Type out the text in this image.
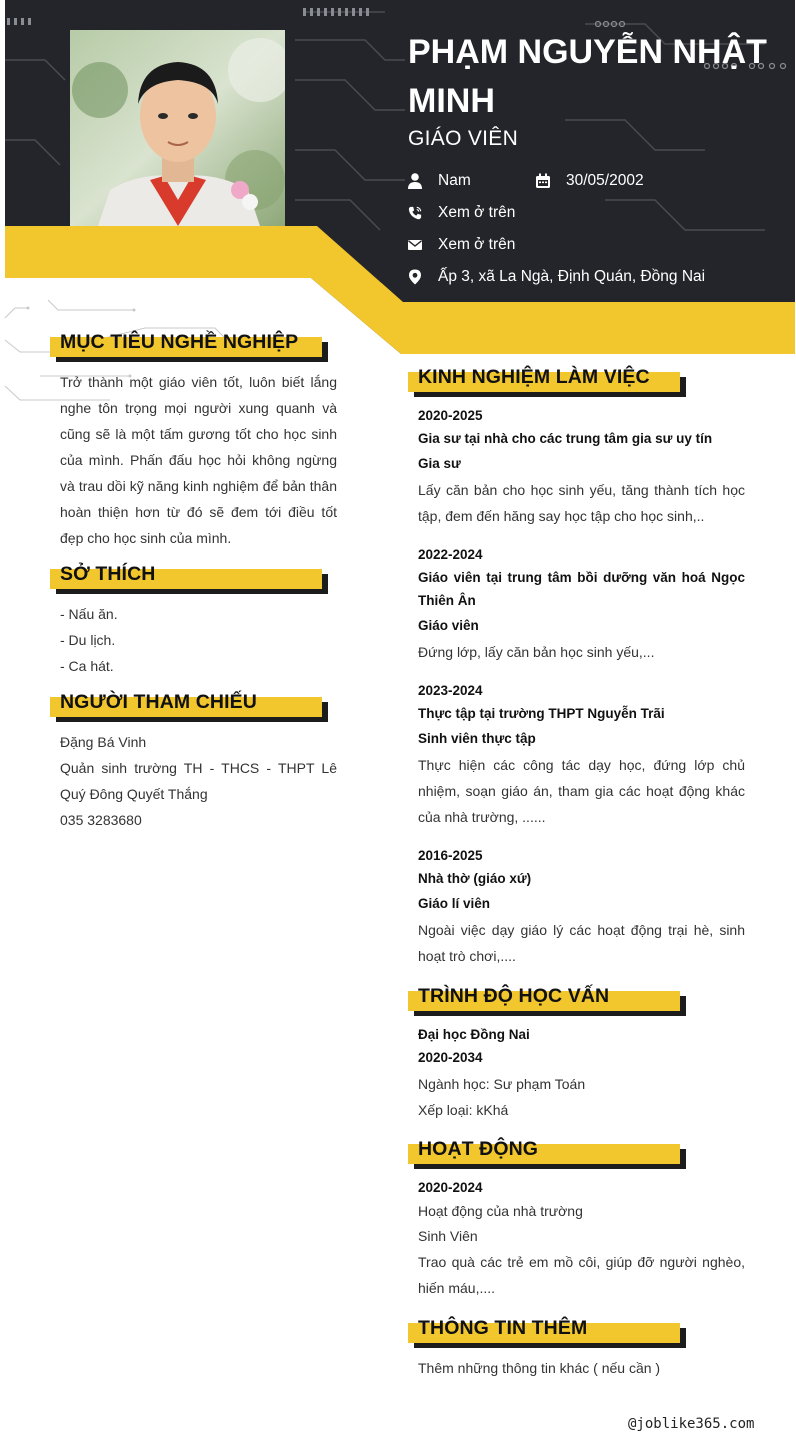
PHẠM NGUYỄN NHẬT MINH
GIÁO VIÊN
Nam	30/05/2002
Xem ở trên
Xem ở trên
Ấp 3, xã La Ngà, Định Quán, Đồng Nai
MỤC TIÊU NGHỀ NGHIỆP
Trở thành một giáo viên tốt, luôn biết lắng nghe tôn trọng mọi người xung quanh và cũng sẽ là một tấm gương tốt cho học sinh của mình. Phấn đấu học hỏi không ngừng và trau dồi kỹ năng kinh nghiệm để bản thân hoàn thiện hơn từ đó sẽ đem tới điều tốt đẹp cho học sinh của mình.
SỞ THÍCH
- Nấu ăn.
- Du lịch.
- Ca hát.
NGƯỜI THAM CHIẾU
Đặng Bá Vinh
Quản sinh trường TH - THCS - THPT Lê Quý Đông Quyết Thắng
035 3283680
KINH NGHIỆM LÀM VIỆC
2020-2025
Gia sư tại nhà cho các trung tâm gia sư uy tín
Gia sư
Lấy căn bản cho học sinh yếu, tăng thành tích học tập, đem đến hăng say học tập cho học sinh,..
2022-2024
Giáo viên tại trung tâm bồi dưỡng văn hoá Ngọc Thiên Ân
Giáo viên
Đứng lớp, lấy căn bản học sinh yếu,...
2023-2024
Thực tập tại trường THPT Nguyễn Trãi
Sinh viên thực tập
Thực hiện các công tác dạy học, đứng lớp chủ nhiệm, soạn giáo án, tham gia các hoạt động khác của nhà trường, ......
2016-2025
Nhà thờ (giáo xứ)
Giáo lí viên
Ngoài việc dạy giáo lý các hoạt động trại hè, sinh hoạt trò chơi,....
TRÌNH ĐỘ HỌC VẤN
Đại học Đồng Nai
2020-2034
Ngành học: Sư phạm Toán
Xếp loại: kKhá
HOẠT ĐỘNG
2020-2024
Hoạt động của nhà trường
Sinh Viên
Trao quà các trẻ em mồ côi, giúp đỡ người nghèo, hiến máu,....
THÔNG TIN THÊM
Thêm những thông tin khác ( nếu cần )
@joblike365.com
